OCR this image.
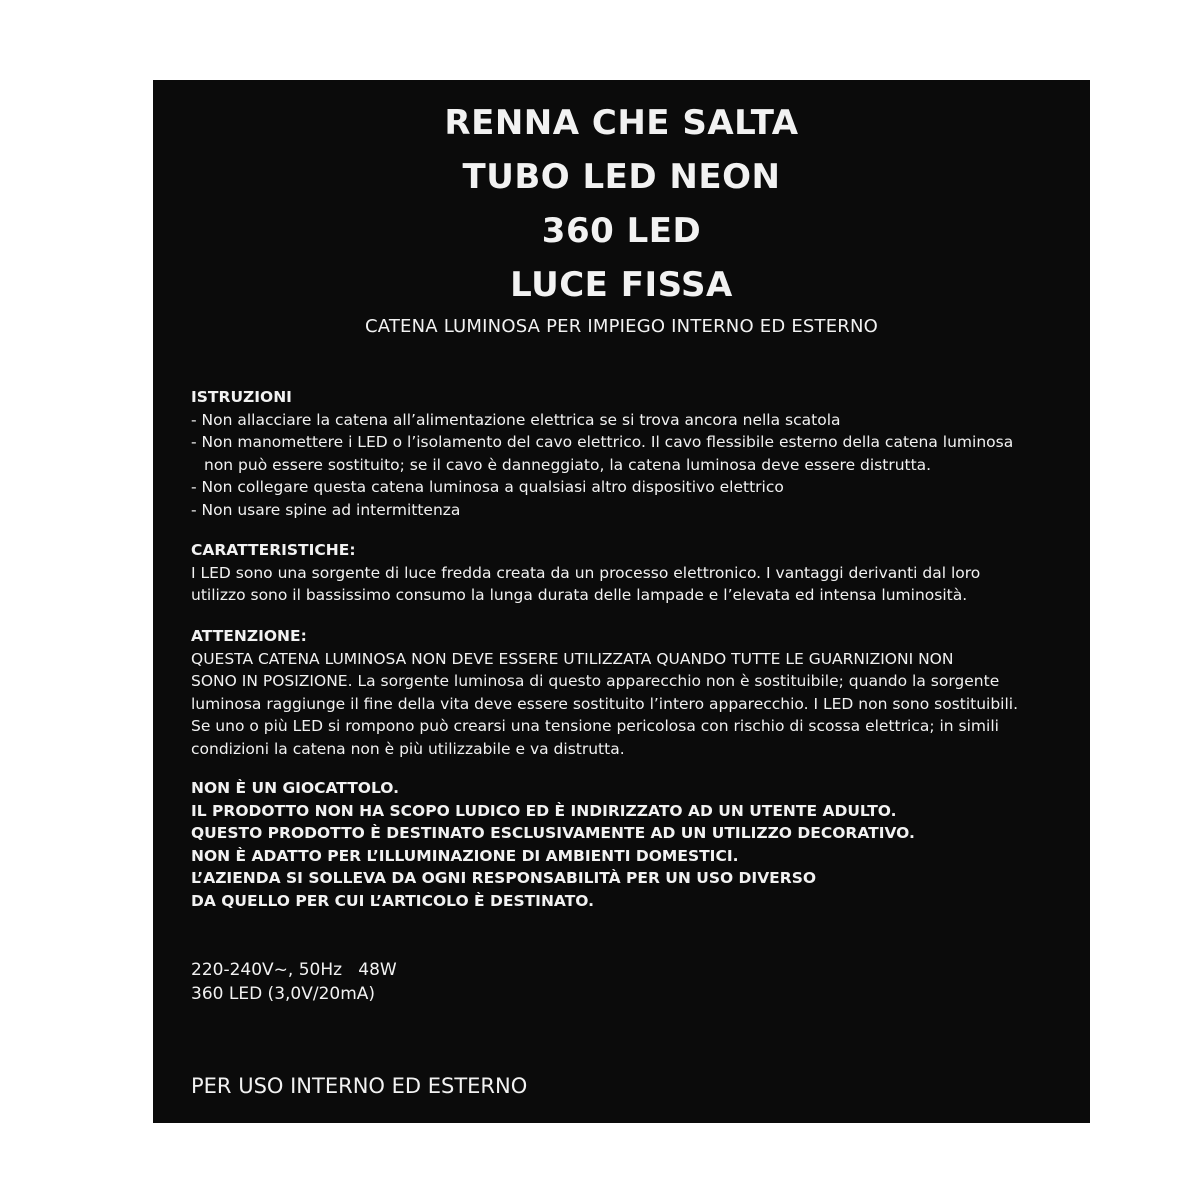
RENNA CHE SALTA
TUBO LED NEON
360 LED
LUCE FISSA
CATENA LUMINOSA PER IMPIEGO INTERNO ED ESTERNO
ISTRUZIONI
- Non allacciare la catena all’alimentazione elettrica se si trova ancora nella scatola
- Non manomettere i LED o l’isolamento del cavo elettrico. Il cavo flessibile esterno della catena luminosa
non può essere sostituito; se il cavo è danneggiato, la catena luminosa deve essere distrutta.
- Non collegare questa catena luminosa a qualsiasi altro dispositivo elettrico
- Non usare spine ad intermittenza
CARATTERISTICHE:
I LED sono una sorgente di luce fredda creata da un processo elettronico. I vantaggi derivanti dal loro
utilizzo sono il bassissimo consumo la lunga durata delle lampade e l’elevata ed intensa luminosità.
ATTENZIONE:
QUESTA CATENA LUMINOSA NON DEVE ESSERE UTILIZZATA QUANDO TUTTE LE GUARNIZIONI NON
SONO IN POSIZIONE. La sorgente luminosa di questo apparecchio non è sostituibile; quando la sorgente
luminosa raggiunge il fine della vita deve essere sostituito l’intero apparecchio. I LED non sono sostituibili.
Se uno o più LED si rompono può crearsi una tensione pericolosa con rischio di scossa elettrica; in simili
condizioni la catena non è più utilizzabile e va distrutta.
NON È UN GIOCATTOLO.
IL PRODOTTO NON HA SCOPO LUDICO ED È INDIRIZZATO AD UN UTENTE ADULTO.
QUESTO PRODOTTO È DESTINATO ESCLUSIVAMENTE AD UN UTILIZZO DECORATIVO.
NON È ADATTO PER L’ILLUMINAZIONE DI AMBIENTI DOMESTICI.
L’AZIENDA SI SOLLEVA DA OGNI RESPONSABILITÀ PER UN USO DIVERSO
DA QUELLO PER CUI L’ARTICOLO È DESTINATO.
220-240V~, 50Hz   48W
360 LED (3,0V/20mA)
PER USO INTERNO ED ESTERNO
